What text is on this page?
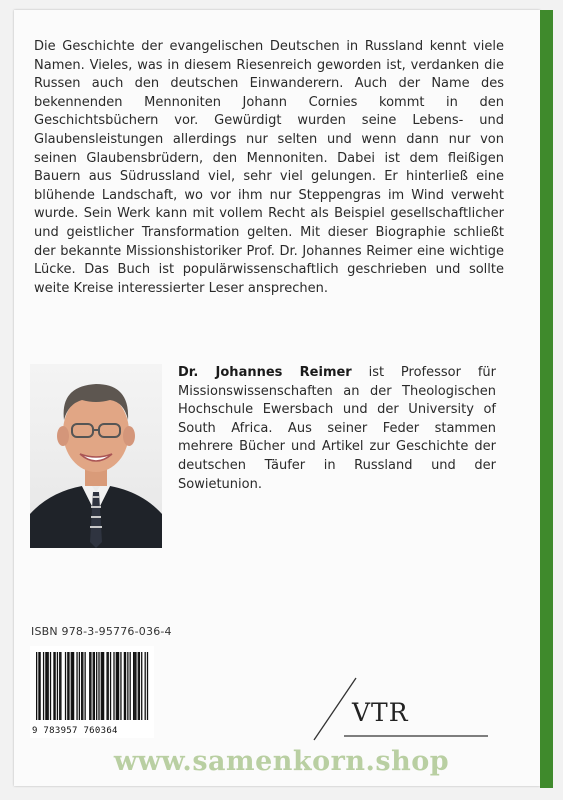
Die Geschichte der evangelischen Deutschen in Russland kennt viele Namen. Vieles, was in diesem Riesenreich geworden ist, verdanken die Russen auch den deutschen Einwanderern. Auch der Name des bekennenden Mennoniten Johann Cornies kommt in den Geschichtsbüchern vor. Gewürdigt wurden seine Lebens- und Glaubensleistungen allerdings nur selten und wenn dann nur von seinen Glaubensbrüdern, den Mennoniten. Dabei ist dem fleißigen Bauern aus Südrussland viel, sehr viel gelungen. Er hinterließ eine blühende Landschaft, wo vor ihm nur Steppengras im Wind verweht wurde. Sein Werk kann mit vollem Recht als Beispiel gesellschaftlicher und geistlicher Transformation gelten. Mit dieser Biographie schließt der bekannte Missionshistoriker Prof. Dr. Johannes Reimer eine wichtige Lücke. Das Buch ist populärwissenschaftlich geschrieben und sollte weite Kreise interessierter Leser ansprechen.

Dr. Johannes Reimer ist Professor für Missionswissenschaften an der Theologischen Hochschule Ewersbach und der University of South Africa. Aus seiner Feder stammen mehrere Bücher und Artikel zur Geschichte der deutschen Täufer in Russland und der Sowietunion.

ISBN 978-3-95776-036-4
9 783957 760364
VTR
www.samenkorn.shop
